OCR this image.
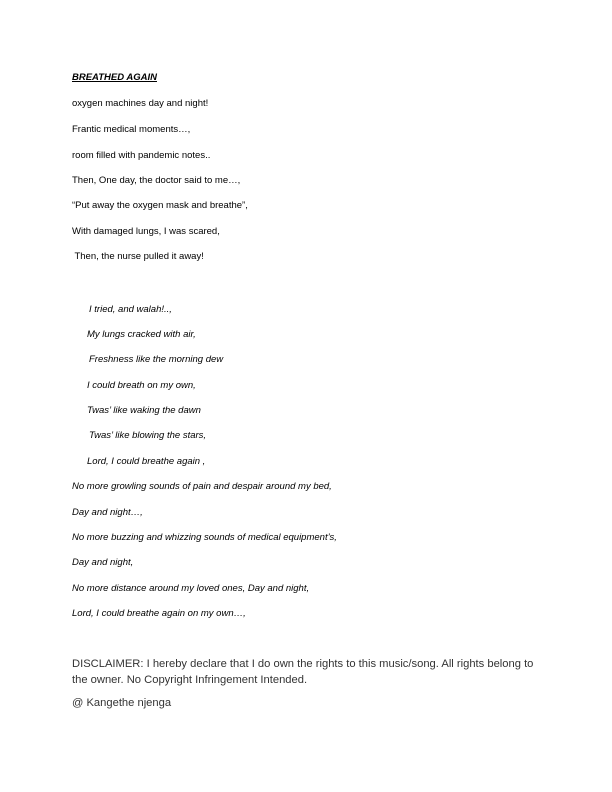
BREATHED AGAIN
oxygen machines day and night!
Frantic medical moments…,
room filled with pandemic notes..
Then, One day, the doctor said to me…,
“Put away the oxygen mask and breathe”,
With damaged lungs, I was scared,
Then, the nurse pulled it away!
I tried, and walah!..,
My lungs cracked with air,
Freshness like the morning dew
I could breath on my own,
Twas’ like waking the dawn
Twas’ like blowing the stars,
Lord, I could breathe again ,
No more growling sounds of pain and despair around my bed,
Day and night…,
No more buzzing and whizzing sounds of medical equipment’s,
Day and night,
No more distance around my loved ones, Day and night,
Lord, I could breathe again on my own…,
DISCLAIMER: I hereby declare that I do own the rights to this music/song. All rights belong to the owner. No Copyright Infringement Intended.
@ Kangethe njenga
